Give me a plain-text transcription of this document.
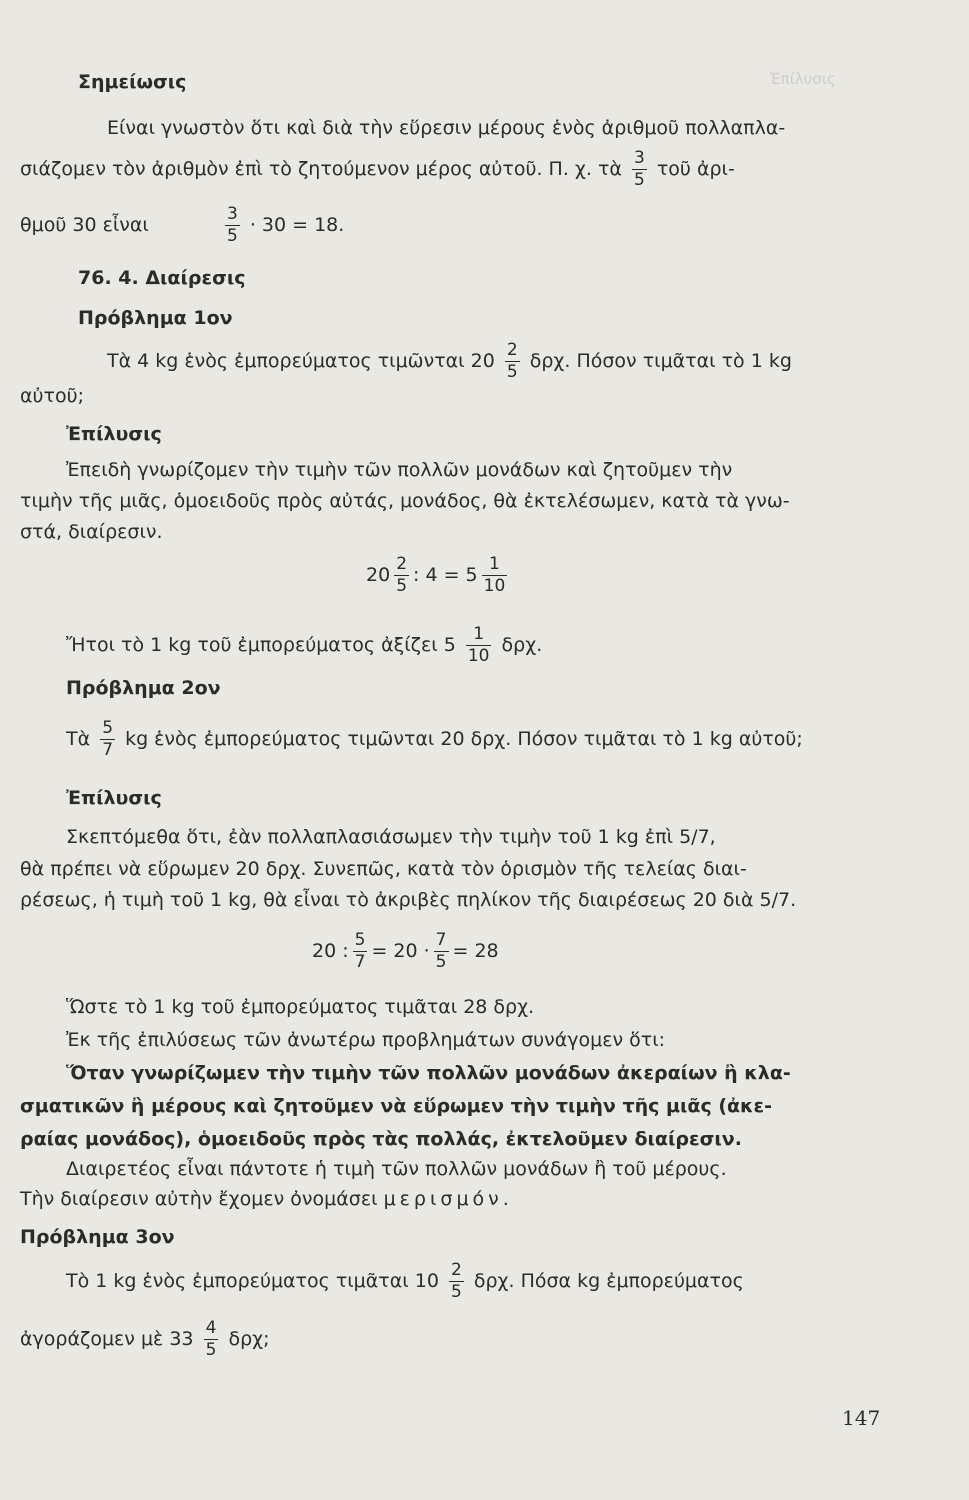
Ἐπίλυσις
Σημείωσις
Είναι γνωστὸν ὅτι καὶ διὰ τὴν εὕρεσιν μέρους ἑνὸς ἀριθμοῦ πολλαπλα-
σιάζομεν τὸν ἀριθμὸν ἐπὶ τὸ ζητούμενον μέρος αὐτοῦ. Π. χ. τὰ $\frac{3}{5}$ τοῦ ἀρι-
θμοῦ 30 εἶναι	$\frac{3}{5} \cdot 30 = 18$.
76. 4. Διαίρεσις
Πρόβλημα 1ον
Τὰ 4 kg ἑνὸς ἐμπορεύματος τιμῶνται $20 \frac{2}{5} \delta\rho\chi$. Πόσον τιμᾶται τὸ 1 kg
αὐτοῦ;
Ἐπίλυσις
Ἐπειδὴ γνωρίζομεν τὴν τιμὴν τῶν πολλῶν μονάδων καὶ ζητοῦμεν τὴν
τιμὴν τῆς μιᾶς, ὁμοειδοῦς πρὸς αὐτάς, μονάδος, θὰ ἐκτελέσωμεν, κατὰ τὰ γνω-
στά, διαίρεσιν.
$20 \frac{2}{5}$ : $4 = 5 \frac{1}{10}$
Ἤτοι τὸ 1 kg τοῦ ἐμπορεύματος ἀξίζει $5 \frac{1}{10} \delta\rho\chi$.
Πρόβλημα 2ον
Τὰ $\frac{5}{7}$ kg ἑνὸς ἐμπορεύματος τιμῶνται 20 δρχ. Πόσον τιμᾶται τὸ 1 kg αὐτοῦ;
Ἐπίλυσις
Σκεπτόμεθα ὅτι, ἐὰν πολλαπλασιάσωμεν τὴν τιμὴν τοῦ 1 kg ἐπὶ 5/7,
θὰ πρέπει νὰ εὕρωμεν 20 δρχ. Συνεπῶς, κατὰ τὸν ὁρισμὸν τῆς τελείας διαι-
ρέσεως, ἡ τιμὴ τοῦ 1 kg, θὰ εἶναι τὸ ἀκριβὲς πηλίκον τῆς διαιρέσεως 20 διὰ 5/7.
20 : $\frac{5}{7} = 20 \cdot \frac{7}{5} = 28$
Ὥστε τὸ 1 kg τοῦ ἐμπορεύματος τιμᾶται 28 δρχ.
Ἐκ τῆς ἐπιλύσεως τῶν ἀνωτέρω προβλημάτων συνάγομεν ὅτι:
Ὅταν γνωρίζωμεν τὴν τιμὴν τῶν πολλῶν μονάδων ἀκεραίων ἢ κλα-
σματικῶν ἢ μέρους καὶ ζητοῦμεν νὰ εὕρωμεν τὴν τιμὴν τῆς μιᾶς (ἀκε-
ραίας μονάδος), ὁμοειδοῦς πρὸς τὰς πολλάς, ἐκτελοῦμεν διαίρεσιν.
Διαιρετέος εἶναι πάντοτε ἡ τιμὴ τῶν πολλῶν μονάδων ἢ τοῦ μέρους.
Τὴν διαίρεσιν αὐτὴν ἔχομεν ὀνομάσει μερισμόν.
Πρόβλημα 3ον
Τὸ 1 kg ἑνὸς ἐμπορεύματος τιμᾶται $10 \frac{2}{5} \delta\rho\chi$. Πόσα kg ἐμπορεύματος
ἀγοράζομεν μὲ $33 \frac{4}{5} \delta\rho\chi$;
147
